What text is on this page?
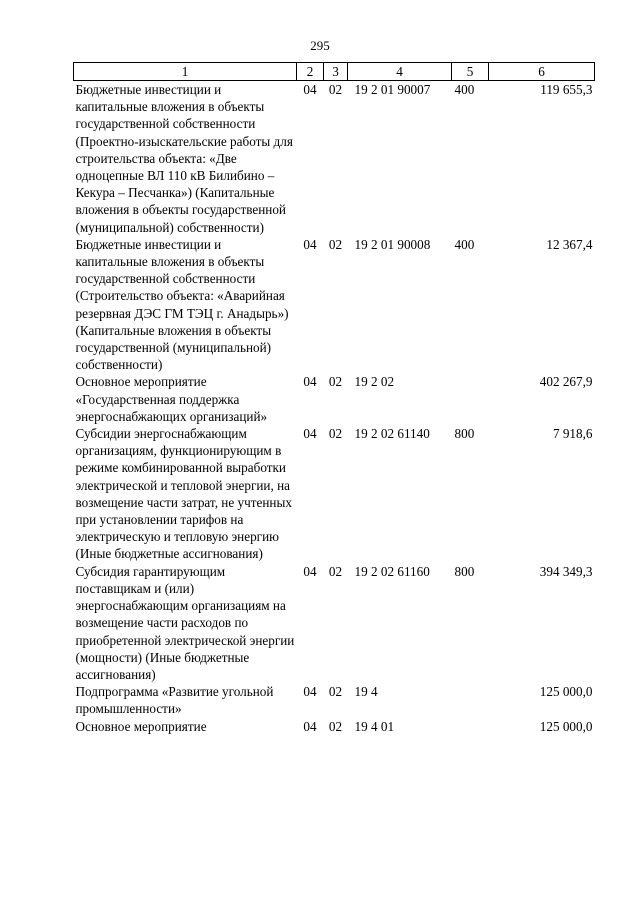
295
1	2	3	4	5	6
Бюджетные инвестиции и капитальные вложения в объекты государственной собственности (Проектно-изыскательские работы для строительства объекта: «Две одноцепные ВЛ 110 кВ Билибино – Кекура – Песчанка») (Капитальные вложения в объекты государственной (муниципальной) собственности)	04	02	19 2 01 90007	400	119 655,3
Бюджетные инвестиции и капитальные вложения в объекты государственной собственности (Строительство объекта: «Аварийная резервная ДЭС ГМ ТЭЦ г. Анадырь») (Капитальные вложения в объекты государственной (муниципальной) собственности)	04	02	19 2 01 90008	400	12 367,4
Основное мероприятие «Государственная поддержка энергоснабжающих организаций»	04	02	19 2 02		402 267,9
Субсидии энергоснабжающим организациям, функционирующим в режиме комбинированной выработки электрической и тепловой энергии, на возмещение части затрат, не учтенных при установлении тарифов на электрическую и тепловую энергию (Иные бюджетные ассигнования)	04	02	19 2 02 61140	800	7 918,6
Субсидия гарантирующим поставщикам и (или) энергоснабжающим организациям на возмещение части расходов по приобретенной электрической энергии (мощности) (Иные бюджетные ассигнования)	04	02	19 2 02 61160	800	394 349,3
Подпрограмма «Развитие угольной промышленности»	04	02	19 4		125 000,0
Основное мероприятие	04	02	19 4 01		125 000,0
